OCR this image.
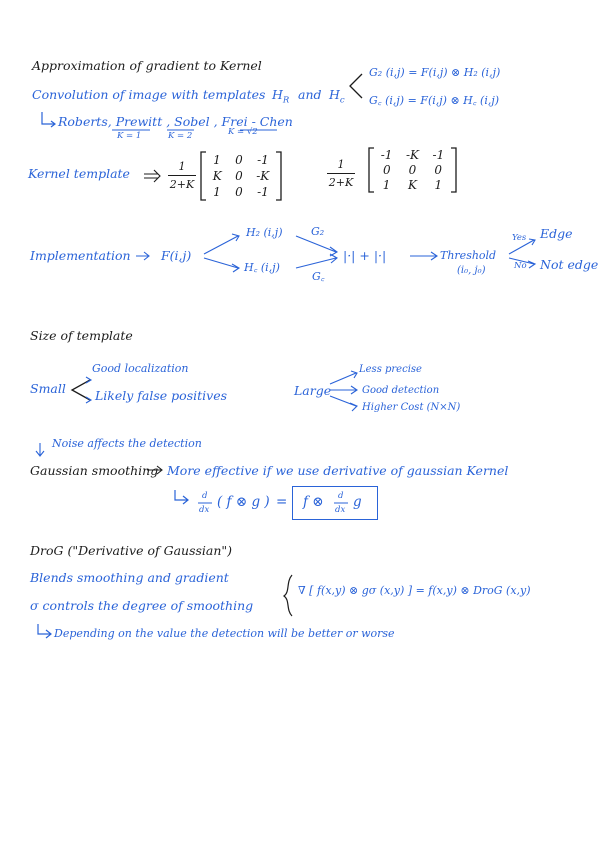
Approximation of gradient to Kernel
Convolution of image with templates $H_R$ and $H_c$
G₂ (i,j) = F(i,j) ⊗ H₂ (i,j)
G꜀ (i,j) = F(i,j) ⊗ H꜀ (i,j)
Roberts, Prewitt , Sobel , Frei - Chen
K = 1	K = 2	K = √2
Kernel template	1
2+K
1 0 -1
K 0 -K
1 0 -1
1
2+K
-1 -K -1
0 0 0
1 K 1
Implementation F(i,j)
H₂ (i,j)
H꜀ (i,j)
G₂
G꜀
|·| + |·|	Threshold
(i₀, j₀)
Yes
No
Edge
Not edge
Size of template
Small
Good localization
Likely false positives	Large
Less precise
Good detection
Higher Cost (N×N)
Noise affects the detection
Gaussian smoothing More effective if we use derivative of gaussian Kernel
d
dx ( f ⊗ g ) = f ⊗ d
dx g
DroG ("Derivative of Gaussian")
Blends smoothing and gradient
σ controls the degree of smoothing
∇ [ f(x,y) ⊗ gσ (x,y) ] = f(x,y) ⊗ DroG (x,y)
Depending on the value the detection will be better or worse
